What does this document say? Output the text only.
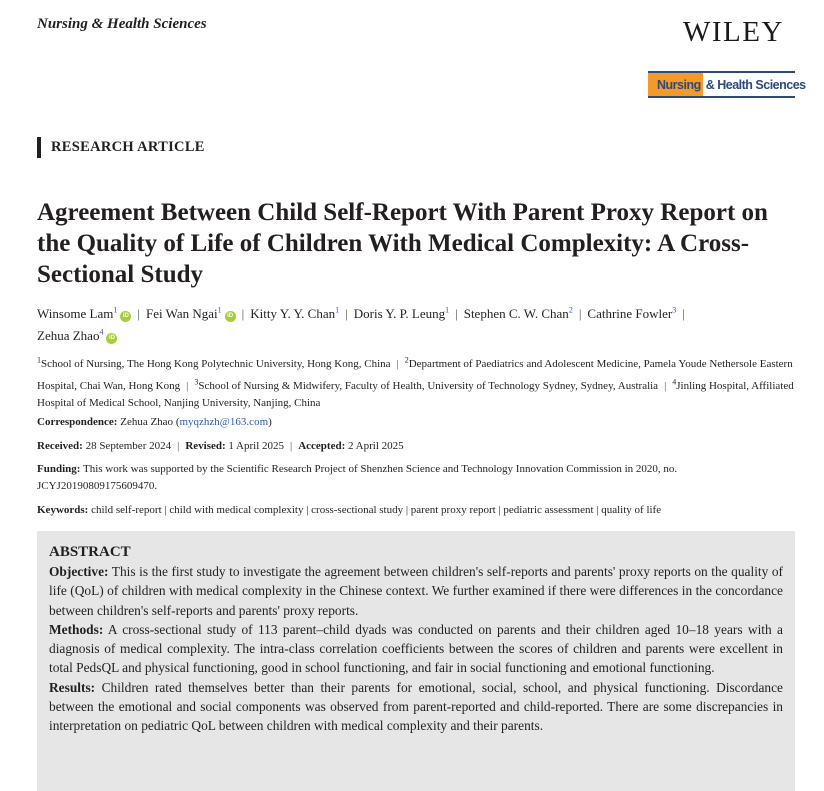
Nursing & Health Sciences	WILEY
Nursing & Health Sciences
RESEARCH ARTICLE
Agreement Between Child Self-Report With Parent Proxy Report on the Quality of Life of Children With Medical Complexity: A Cross-Sectional Study
Winsome Lam$^1$iD | Fei Wan Ngai$^1$iD | Kitty Y. Y. Chan$^1$ | Doris Y. P. Leung$^1$ | Stephen C. W. Chan$^2$ | Cathrine Fowler$^3$ |
Zehua Zhao$^4$iD
$^1$School of Nursing, The Hong Kong Polytechnic University, Hong Kong, China | $^2$Department of Paediatrics and Adolescent Medicine, Pamela Youde Nethersole Eastern Hospital, Chai Wan, Hong Kong | $^3$School of Nursing & Midwifery, Faculty of Health, University of Technology Sydney, Sydney, Australia | $^4$Jinling Hospital, Affiliated Hospital of Medical School, Nanjing University, Nanjing, China
Correspondence: Zehua Zhao (myqzhzh@163.com)
Received: 28 September 2024 | Revised: 1 April 2025 | Accepted: 2 April 2025
Funding: This work was supported by the Scientific Research Project of Shenzhen Science and Technology Innovation Commission in 2020, no. JCYJ20190809175609470.
Keywords: child self-report | child with medical complexity | cross-sectional study | parent proxy report | pediatric assessment | quality of life
ABSTRACT

Objective: This is the first study to investigate the agreement between children's self-reports and parents' proxy reports on the quality of life (QoL) of children with medical complexity in the Chinese context. We further examined if there were differences in the concordance between children's self-reports and parents' proxy reports.

Methods: A cross-sectional study of 113 parent–child dyads was conducted on parents and their children aged 10–18 years with a diagnosis of medical complexity. The intra-class correlation coefficients between the scores of children and parents were excellent in total PedsQL and physical functioning, good in school functioning, and fair in social functioning and emotional functioning.

Results: Children rated themselves better than their parents for emotional, social, school, and physical functioning. Discordance between the emotional and social components was observed from parent-reported and child-reported. There are some discrepancies in interpretation on pediatric QoL between children with medical complexity and their parents.
